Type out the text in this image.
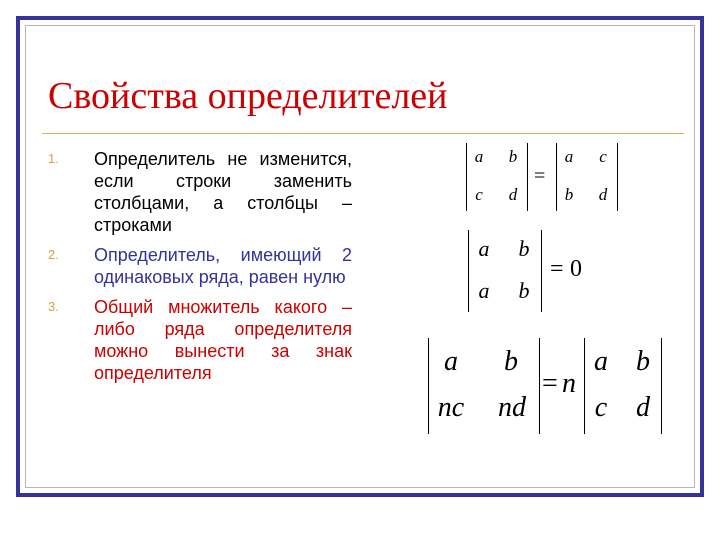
Свойства определителей
1. Определитель не изменится, если строки заменить столбцами, а столбцы – строками
2. Определитель, имеющий 2 одинаковых ряда, равен нулю
3. Общий множитель какого – либо ряда определителя можно вынести за знак определителя
a	b
c	d
=
a	c
b	d
a b
a b
= 0
a	b
nc nd
= n
a b
c d
